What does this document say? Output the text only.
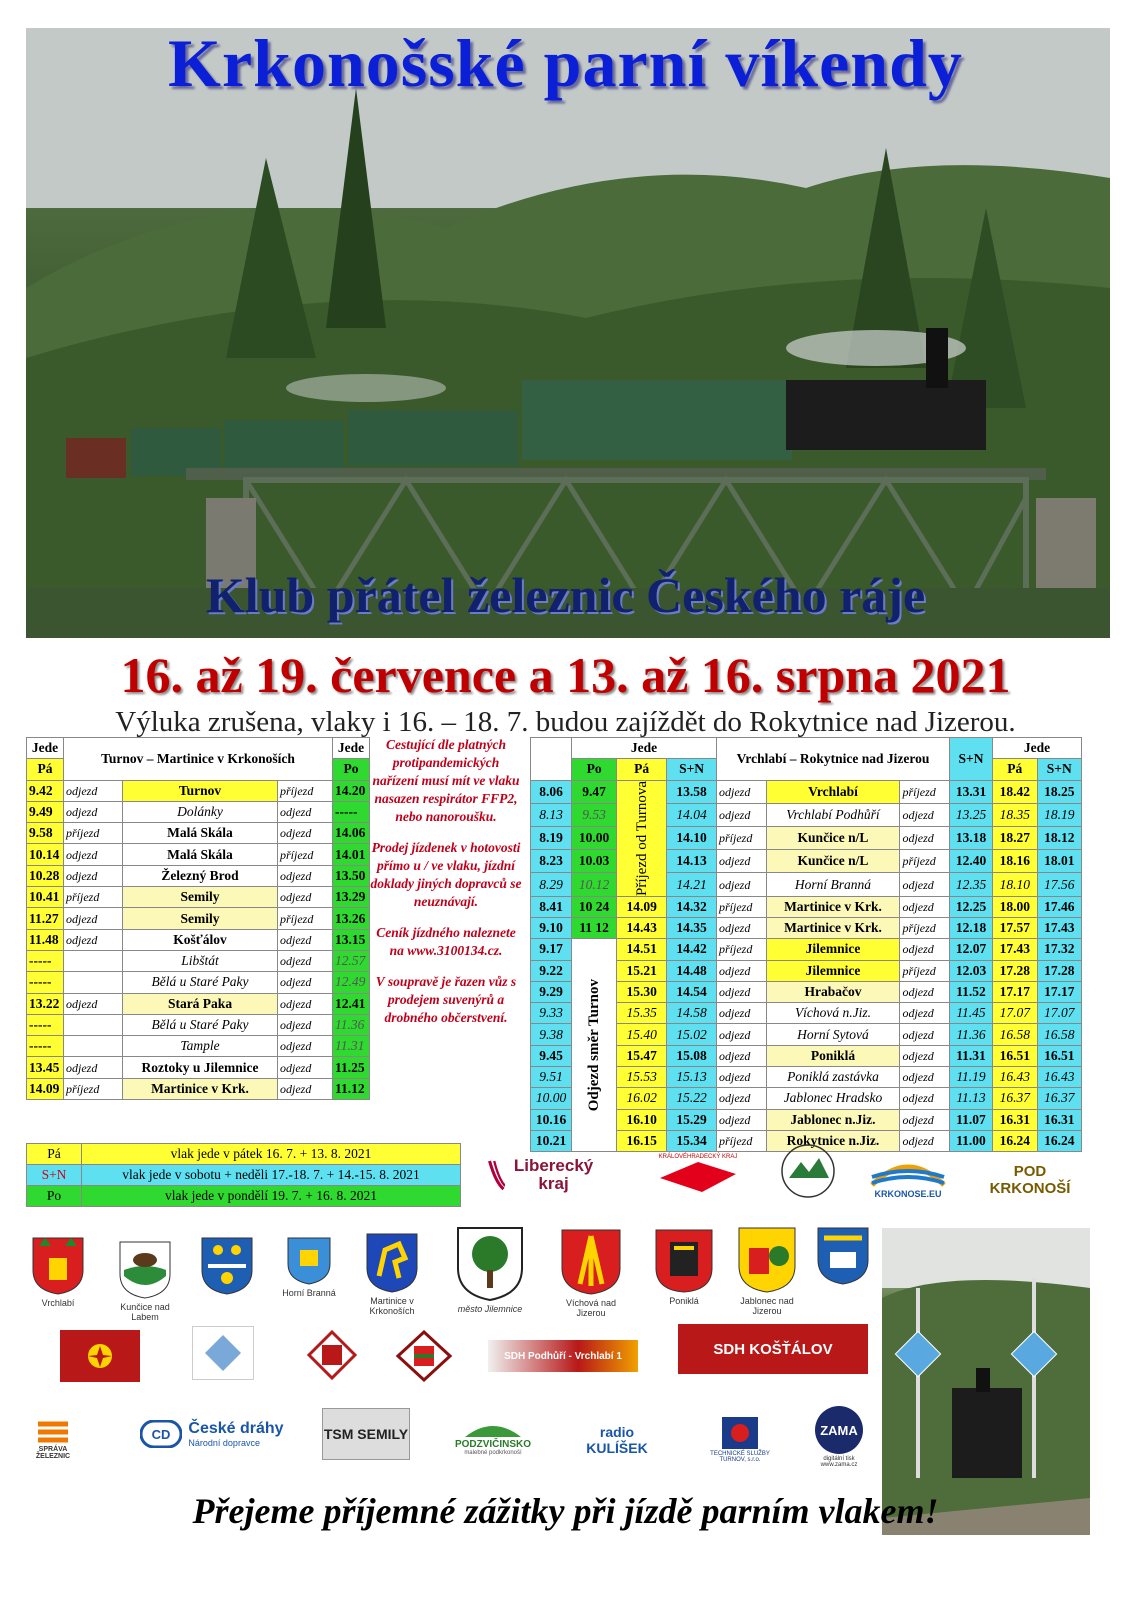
Krkonošské parní víkendy
Klub přátel železnic Českého ráje
16. až 19. července a 13. až 16. srpna 2021
Výluka zrušena, vlaky i 16. – 18. 7. budou zajíždět do Rokytnice nad Jizerou.
Jede	Turnov – Martinice v Krkonoších			Jede
Pá				Po
9.42	odjezd	Turnov	příjezd	14.20
9.49	odjezd	Dolánky	odjezd	-----
9.58	příjezd	Malá Skála	odjezd	14.06
10.14	odjezd	Malá Skála	příjezd	14.01
10.28	odjezd	Železný Brod	odjezd	13.50
10.41	příjezd	Semily	odjezd	13.29
11.27	odjezd	Semily	příjezd	13.26
11.48	odjezd	Košťálov	odjezd	13.15
-----		Libštát	odjezd	12.57
-----		Bělá u Staré Paky	odjezd	12.49
13.22	odjezd	Stará Paka	odjezd	12.41
-----		Bělá u Staré Paky	odjezd	11.36
-----		Tample	odjezd	11.31
13.45	odjezd	Roztoky u Jilemnice	odjezd	11.25
14.09	příjezd	Martinice v Krk.	odjezd	11.12

Cestující dle platných protipandemických nařízení musí mít ve vlaku nasazen respirátor FFP2, nebo nanoroušku.

Prodej jízdenek v hotovosti přímo u / ve vlaku, jízdní doklady jiných dopravců se neuznávají.

Ceník jízdného naleznete na www.3100134.cz.

V soupravě je řazen vůz s prodejem suvenýrů a drobného občerstvení.

	Jede			Vrchlabí – Rokytnice nad Jizerou			S+N	Jede	
	Po	Pá	S+N					Pá	S+N
8.06	9.47	Příjezd od Turnova	13.58	odjezd	Vrchlabí	příjezd	13.31	18.42	18.25
8.13	9.53		14.04	odjezd	Vrchlabí Podhůří	odjezd	13.25	18.35	18.19
8.19	10.00		14.10	příjezd	Kunčice n/L	odjezd	13.18	18.27	18.12
8.23	10.03		14.13	odjezd	Kunčice n/L	příjezd	12.40	18.16	18.01
8.29	10.12		14.21	odjezd	Horní Branná	odjezd	12.35	18.10	17.56
8.41	10 24	14.09	14.32	příjezd	Martinice v Krk.	odjezd	12.25	18.00	17.46
9.10	11 12	14.43	14.35	odjezd	Martinice v Krk.	příjezd	12.18	17.57	17.43
9.17	Odjezd směr Turnov	14.51	14.42	příjezd	Jilemnice	odjezd	12.07	17.43	17.32
9.22		15.21	14.48	odjezd	Jilemnice	příjezd	12.03	17.28	17.28
9.29		15.30	14.54	odjezd	Hrabačov	odjezd	11.52	17.17	17.17
9.33		15.35	14.58	odjezd	Víchová n.Jiz.	odjezd	11.45	17.07	17.07
9.38		15.40	15.02	odjezd	Horní Sytová	odjezd	11.36	16.58	16.58
9.45		15.47	15.08	odjezd	Poniklá	odjezd	11.31	16.51	16.51
9.51		15.53	15.13	odjezd	Poniklá zastávka	odjezd	11.19	16.43	16.43
10.00		16.02	15.22	odjezd	Jablonec Hradsko	odjezd	11.13	16.37	16.37
10.16		16.10	15.29	odjezd	Jablonec n.Jiz.	odjezd	11.07	16.31	16.31
10.21		16.15	15.34	příjezd	Rokytnice n.Jiz.	odjezd	11.00	16.24	16.24
Pá	vlak jede v pátek 16. 7. + 13. 8. 2021
S+N	vlak jede v sobotu + neděli 17.-18. 7. + 14.-15. 8. 2021
Po	vlak jede v pondělí 19. 7. + 16. 8. 2021
Liberecký kraj
KRÁLOVÉHRADECKÝ KRAJ
KRKONOSE.EU
POD KRKONOŠÍ
Vrchlabí	Kunčice nad Labem
Horní Branná
Martinice v Krkonoších	město Jilemnice
Víchová nad Jizerou
Poniklá	Jablonec nad Jizerou
SDH Podhůří - Vrchlabí 1	SDH KOŠŤÁLOV
SPRÁVA ŽELEZNIC
CD České dráhy
Národní dopravce
TSM SEMILY
PODZVIČINSKO
malebné podkrkonoší
radio KULÍŠEK	TECHNICKÉ SLUŽBY TURNOV, s.r.o.
ZAMA
digitální tisk www.zama.cz
Přejeme příjemné zážitky při jízdě parním vlakem!
